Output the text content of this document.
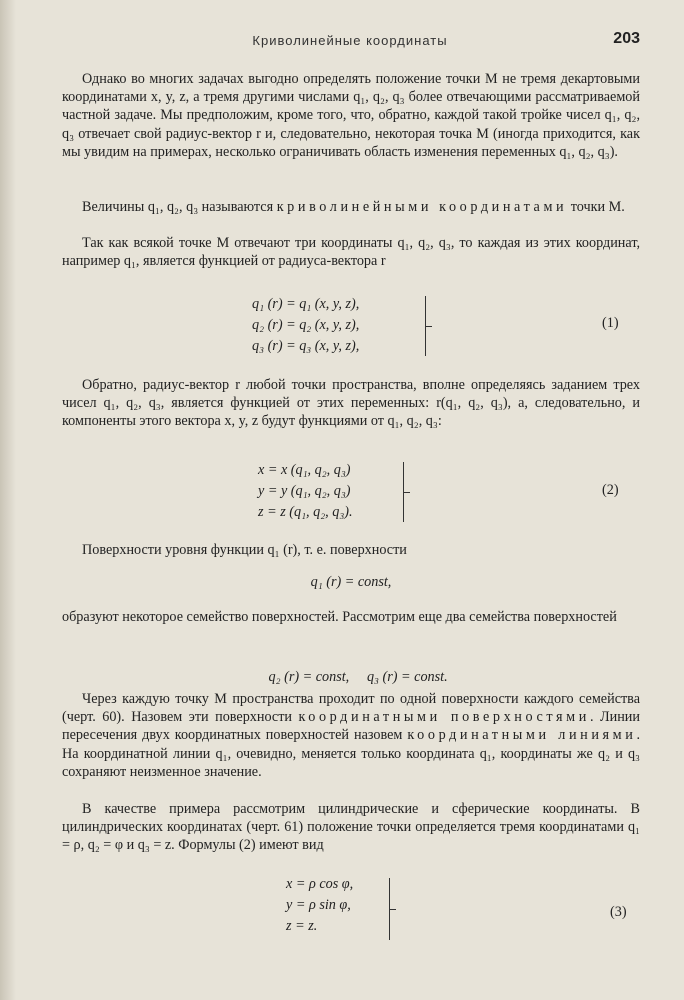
Криволинейные координаты	203

Однако во многих задачах выгодно определять положение точки M не тремя декартовыми координатами x, y, z, а тремя другими числами q₁, q₂, q₃ более отвечающими рассматриваемой частной задаче. Мы предположим, кроме того, что, обратно, каждой такой тройке чисел q₁, q₂, q₃ отвечает свой радиус-вектор r и, следовательно, некоторая точка M (иногда приходится, как мы увидим на примерах, несколько ограничивать область изменения переменных q₁, q₂, q₃).

Величины q₁, q₂, q₃ называются криволинейными координатами точки M.

Так как всякой точке M отвечают три координаты q₁, q₂, q₃, то каждая из этих координат, например q₁, является функцией от радиуса-вектора r

q₁ (r) = q₁ (x, y, z),
q₂ (r) = q₂ (x, y, z),
q₃ (r) = q₃ (x, y, z),
(1)

Обратно, радиус-вектор r любой точки пространства, вполне определяясь заданием трех чисел q₁, q₂, q₃, является функцией от этих переменных: r(q₁, q₂, q₃), а, следовательно, и компоненты этого вектора x, y, z будут функциями от q₁, q₂, q₃:

x = x (q₁, q₂, q₃)
y = y (q₁, q₂, q₃)
z = z (q₁, q₂, q₃).
(2)

Поверхности уровня функции q₁ (r), т. е. поверхности

q₁ (r) = const,

образуют некоторое семейство поверхностей. Рассмотрим еще два семейства поверхностей

q₂ (r) = const,     q₃ (r) = const.

Через каждую точку M пространства проходит по одной поверхности каждого семейства (черт. 60). Назовем эти поверхности координатными поверхностями. Линии пересечения двух координатных поверхностей назовем координатными линиями. На координатной линии q₁, очевидно, меняется только координата q₁, координаты же q₂ и q₃ сохраняют неизменное значение.

В качестве примера рассмотрим цилиндрические и сферические координаты. В цилиндрических координатах (черт. 61) положение точки определяется тремя координатами q₁ = ρ, q₂ = φ и q₃ = z. Формулы (2) имеют вид

x = ρ cos φ,
y = ρ sin φ,
z = z.
(3)
